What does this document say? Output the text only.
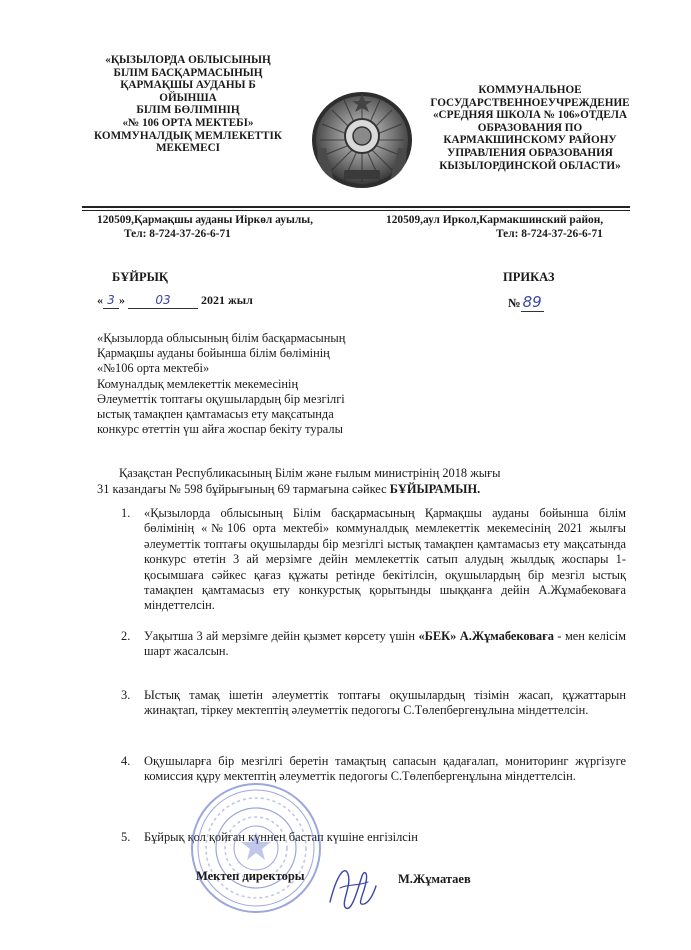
«ҚЫЗЫЛОРДА ОБЛЫСЫНЫҢ
БІЛІМ БАСҚАРМАСЫНЫҢ
ҚАРМАҚШЫ АУДАНЫ Б
ОЙЫНША
БІЛІМ БӨЛІМІНІҢ
«№ 106 ОРТА МЕКТЕБІ»
КОММУНАЛДЫҚ МЕМЛЕКЕТТІК
МЕКЕМЕСІ
КОММУНАЛЬНОЕ
ГОСУДАРСТВЕННОЕУЧРЕЖДЕНИЕ
«СРЕДНЯЯ ШКОЛА № 106»ОТДЕЛА
ОБРАЗОВАНИЯ ПО
КАРМАКШИНСКОМУ РАЙОНУ
УПРАВЛЕНИЯ ОБРАЗОВАНИЯ
КЫЗЫЛОРДИНСКОЙ ОБЛАСТИ»
120509,Қармақшы ауданы Иіркөл ауылы,
Тел: 8-724-37-26-6-71
120509,аул Иркол,Кармакшинский район,
Тел: 8-724-37-26-6-71
БҰЙРЫҚ	ПРИКАЗ
« 3 »	03	2021 жыл	№ 89
«Қызылорда облысының білім басқармасының
Қармақшы ауданы бойынша білім бөлімінің
«№106 орта мектебі»
Комуналдық мемлекеттік мекемесінің
Әлеуметтік топтағы оқушылардың бір мезгілгі
ыстық тамақпен қамтамасыз ету мақсатында
конкурс өтеттін үш айға жоспар бекіту туралы
Қазақстан Республикасының Білім және ғылым министрінің 2018 жығы
31 казандағы № 598 бұйрығының 69 тармағына сәйкес БҰЙЫРАМЫН.
1. «Қызылорда облысының Білім басқармасының Қармақшы ауданы бойынша білім бөлімінің «№106 орта мектебі» коммуналдық мемлекеттік мекемесінің 2021 жылғы әлеуметтік топтағы оқушыларды бір мезгілгі ыстық тамақпен қамтамасыз ету мақсатында конкурс өтетін 3 ай мерзімге дейін мемлекеттік сатып алудың жылдық жоспары 1- қосымшаға сәйкес қағаз құжаты ретінде бекітілсін, оқушылардың бір мезгіл ыстық тамақпен қамтамасыз ету конкурстық қорытынды шыққанға дейін А.Жұмабековаға міндеттелсін.
2. Уақытша 3 ай мерзімге дейін қызмет көрсету үшін «БЕК» А.Жұмабековаға - мен келісім шарт жасалсын.
3. Ыстық тамақ ішетін әлеуметтік топтағы оқушылардың тізімін жасап, құжаттарын жинақтап, тіркеу мектептің әлеуметтік педогогы С.Төлепбергенұлына міндеттелсін.
4. Оқушыларға бір мезгілгі беретін тамақтың сапасын қадағалап, мониторинг жүргізуге комиссия құру мектептің әлеуметтік педогогы С.Төлепбергенұлына міндеттелсін.
5. Бұйрық қол қойған күннен бастап күшіне енгізілсін
Мектеп директоры	М.Жұматаев
